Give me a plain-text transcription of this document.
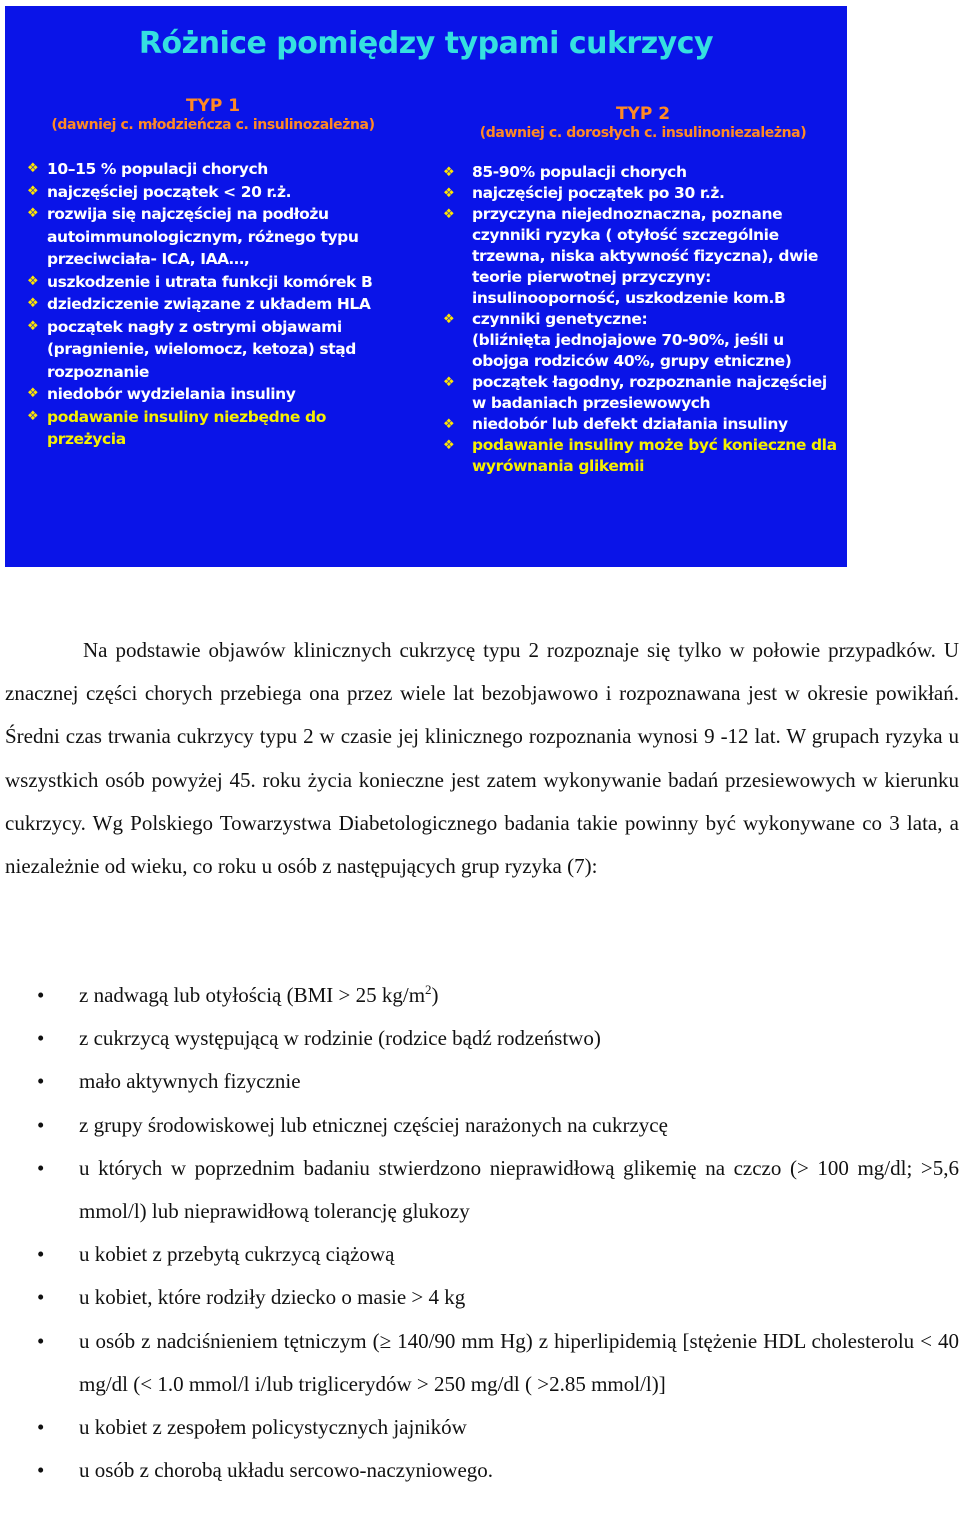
Różnice pomiędzy typami cukrzycy
TYP 1
(dawniej c. młodzieńcza c. insulinozależna)
❖ 10–15 % populacji chorych
❖ najczęściej początek < 20 r.ż.
❖ rozwija się najczęściej na podłożu autoimmunologicznym, różnego typu przeciwciała- ICA, IAA…,
❖ uszkodzenie i utrata funkcji komórek B
❖ dziedziczenie związane z układem HLA
❖ początek nagły z ostrymi objawami (pragnienie, wielomocz, ketoza) stąd rozpoznanie
❖ niedobór wydzielania insuliny
❖ podawanie insuliny niezbędne do przeżycia
TYP 2
(dawniej c. dorosłych c. insulinoniezależna)
❖ 85-90% populacji chorych
❖ najczęściej początek po 30 r.ż.
❖ przyczyna niejednoznaczna, poznane czynniki ryzyka ( otyłość szczególnie trzewna, niska aktywność fizyczna), dwie teorie pierwotnej przyczyny: insulinooporność, uszkodzenie kom.B
❖ czynniki genetyczne:
(bliźnięta jednojajowe 70-90%, jeśli u obojga rodziców 40%, grupy etniczne)
❖ początek łagodny, rozpoznanie najczęściej w badaniach przesiewowych
❖ niedobór lub defekt działania insuliny
❖ podawanie insuliny może być konieczne dla wyrównania glikemii

Na podstawie objawów klinicznych cukrzycę typu 2 rozpoznaje się tylko w połowie przypadków. U znacznej części chorych przebiega ona przez wiele lat bezobjawowo i rozpoznawana jest w okresie powikłań. Średni czas trwania cukrzycy typu 2 w czasie jej klinicznego rozpoznania wynosi 9 -12 lat. W grupach ryzyka u wszystkich osób powyżej 45. roku życia konieczne jest zatem wykonywanie badań przesiewowych w kierunku cukrzycy. Wg Polskiego Towarzystwa Diabetologicznego badania takie powinny być wykonywane co 3 lata, a niezależnie od wieku, co roku u osób z następujących grup ryzyka (7):

• z nadwagą lub otyłością (BMI > 25 $kg/m^2$)
• z cukrzycą występującą w rodzinie (rodzice bądź rodzeństwo)
• mało aktywnych fizycznie
• z grupy środowiskowej lub etnicznej częściej narażonych na cukrzycę
• u których w poprzednim badaniu stwierdzono nieprawidłową glikemię na czczo (> 100 mg/dl; >5,6 mmol/l) lub nieprawidłową tolerancję glukozy
• u kobiet z przebytą cukrzycą ciążową
• u kobiet, które rodziły dziecko o masie > 4 kg
• u osób z nadciśnieniem tętniczym (≥ 140/90 mm Hg) z hiperlipidemią [stężenie HDL cholesterolu < 40 mg/dl (< 1.0 mmol/l i/lub triglicerydów > 250 mg/dl ( >2.85 mmol/l)]
• u kobiet z zespołem policystycznych jajników
• u osób z chorobą układu sercowo-naczyniowego.
